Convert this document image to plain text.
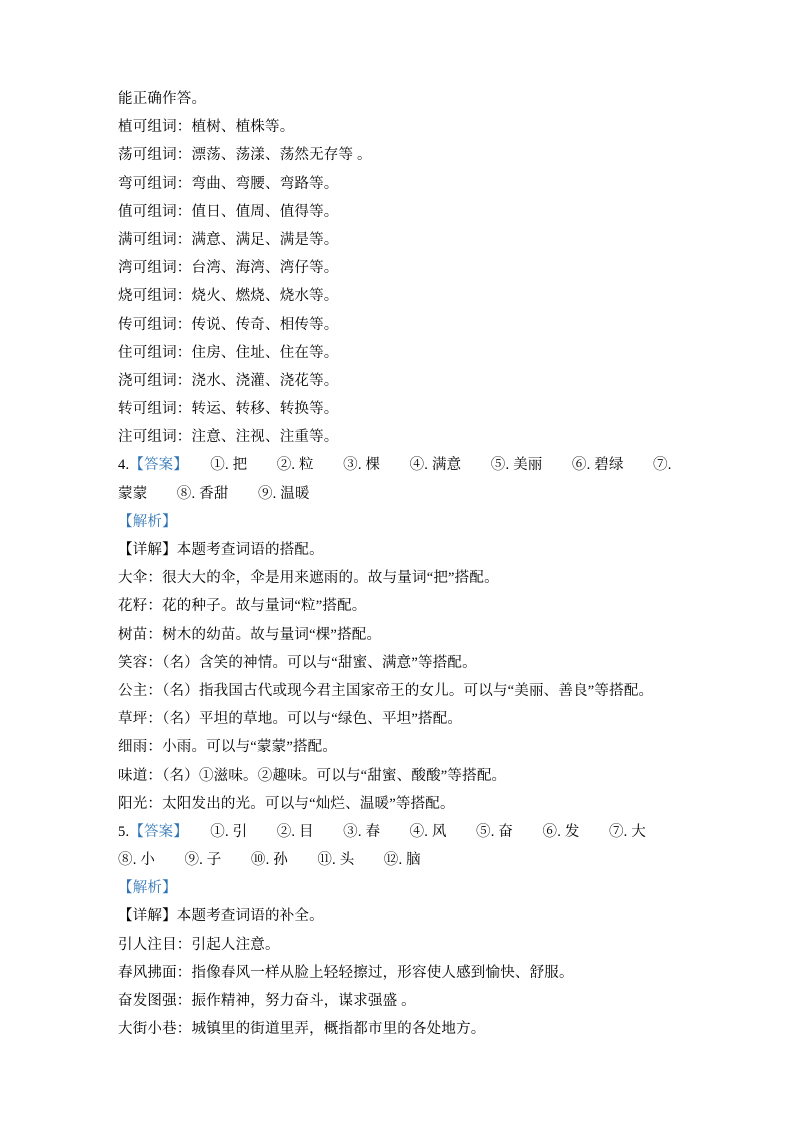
能正确作答。

植可组词：植树、植株等。

荡可组词：漂荡、荡漾、荡然无存等 。

弯可组词：弯曲、弯腰、弯路等。

值可组词：值日、值周、值得等。

满可组词：满意、满足、满是等。

湾可组词：台湾、海湾、湾仔等。

烧可组词：烧火、燃烧、烧水等。

传可组词：传说、传奇、相传等。

住可组词：住房、住址、住在等。

浇可组词：浇水、浇灌、浇花等。

转可组词：转运、转移、转换等。

注可组词：注意、注视、注重等。

4.【答案】　　①. 把　　②. 粒　　③. 棵　　④. 满意　　⑤. 美丽　　⑥. 碧绿　　⑦.

蒙蒙　　⑧. 香甜　　⑨. 温暖

【解析】

【详解】本题考查词语的搭配。

大伞：很大大的伞，伞是用来遮雨的。故与量词“把”搭配。

花籽：花的种子。故与量词“粒”搭配。

树苗：树木的幼苗。故与量词“棵”搭配。

笑容：（名）含笑的神情。可以与“甜蜜、满意”等搭配。

公主：（名）指我国古代或现今君主国家帝王的女儿。可以与“美丽、善良”等搭配。

草坪：（名）平坦的草地。可以与“绿色、平坦”搭配。

细雨：小雨。可以与“蒙蒙”搭配。

味道：（名）①滋味。②趣味。可以与“甜蜜、酸酸”等搭配。

阳光：太阳发出的光。可以与“灿烂、温暖”等搭配。

5.【答案】　　①. 引　　②. 目　　③. 春　　④. 风　　⑤. 奋　　⑥. 发　　⑦. 大

⑧. 小　　⑨. 子　　⑩. 孙　　⑪. 头　　⑫. 脑

【解析】

【详解】本题考查词语的补全。

引人注目：引起人注意。

春风拂面：指像春风一样从脸上轻轻擦过，形容使人感到愉快、舒服。

奋发图强：振作精神，努力奋斗，谋求强盛 。

大街小巷：城镇里的街道里弄，概指都市里的各处地方。
